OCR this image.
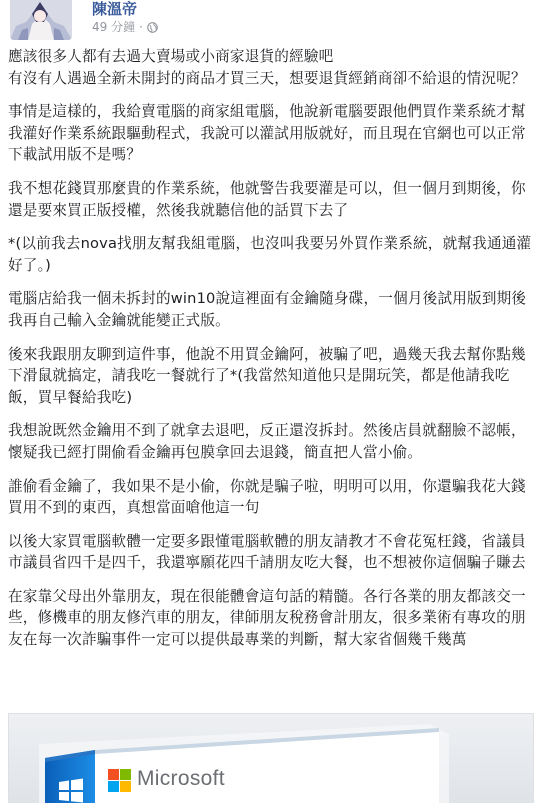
陳溫帝
49 分鐘 ·

應該很多人都有去過大賣場或小商家退貨的經驗吧
有沒有人遇過全新未開封的商品才買三天，想要退貨經銷商卻不給退的情況呢？

事情是這樣的，我給賣電腦的商家組電腦，他說新電腦要跟他們買作業系統才幫我灌好作業系統跟驅動程式，我說可以灌試用版就好，而且現在官網也可以正常下載試用版不是嗎？

我不想花錢買那麼貴的作業系統，他就警告我要灌是可以，但一個月到期後，你還是要來買正版授權，然後我就聽信他的話買下去了

*(以前我去nova找朋友幫我組電腦，也沒叫我要另外買作業系統，就幫我通通灌好了。)

電腦店給我一個未拆封的win10說這裡面有金鑰隨身碟，一個月後試用版到期後我再自己輸入金鑰就能變正式版。

後來我跟朋友聊到這件事，他說不用買金鑰阿，被騙了吧，過幾天我去幫你點幾下滑鼠就搞定，請我吃一餐就行了*(我當然知道他只是開玩笑，都是他請我吃飯，買早餐給我吃)

我想說既然金鑰用不到了就拿去退吧，反正還沒拆封。然後店員就翻臉不認帳，懷疑我已經打開偷看金鑰再包膜拿回去退錢，簡直把人當小偷。

誰偷看金鑰了，我如果不是小偷，你就是騙子啦，明明可以用，你還騙我花大錢買用不到的東西，真想當面嗆他這一句

以後大家買電腦軟體一定要多跟懂電腦軟體的朋友請教才不會花冤枉錢，省議員市議員省四千是四千，我還寧願花四千請朋友吃大餐，也不想被你這個騙子賺去

在家靠父母出外靠朋友，現在很能體會這句話的精髓。各行各業的朋友都該交一些，修機車的朋友修汽車的朋友，律師朋友稅務會計朋友，很多業術有專攻的朋友在每一次詐騙事件一定可以提供最專業的判斷，幫大家省個幾千幾萬

Microsoft
